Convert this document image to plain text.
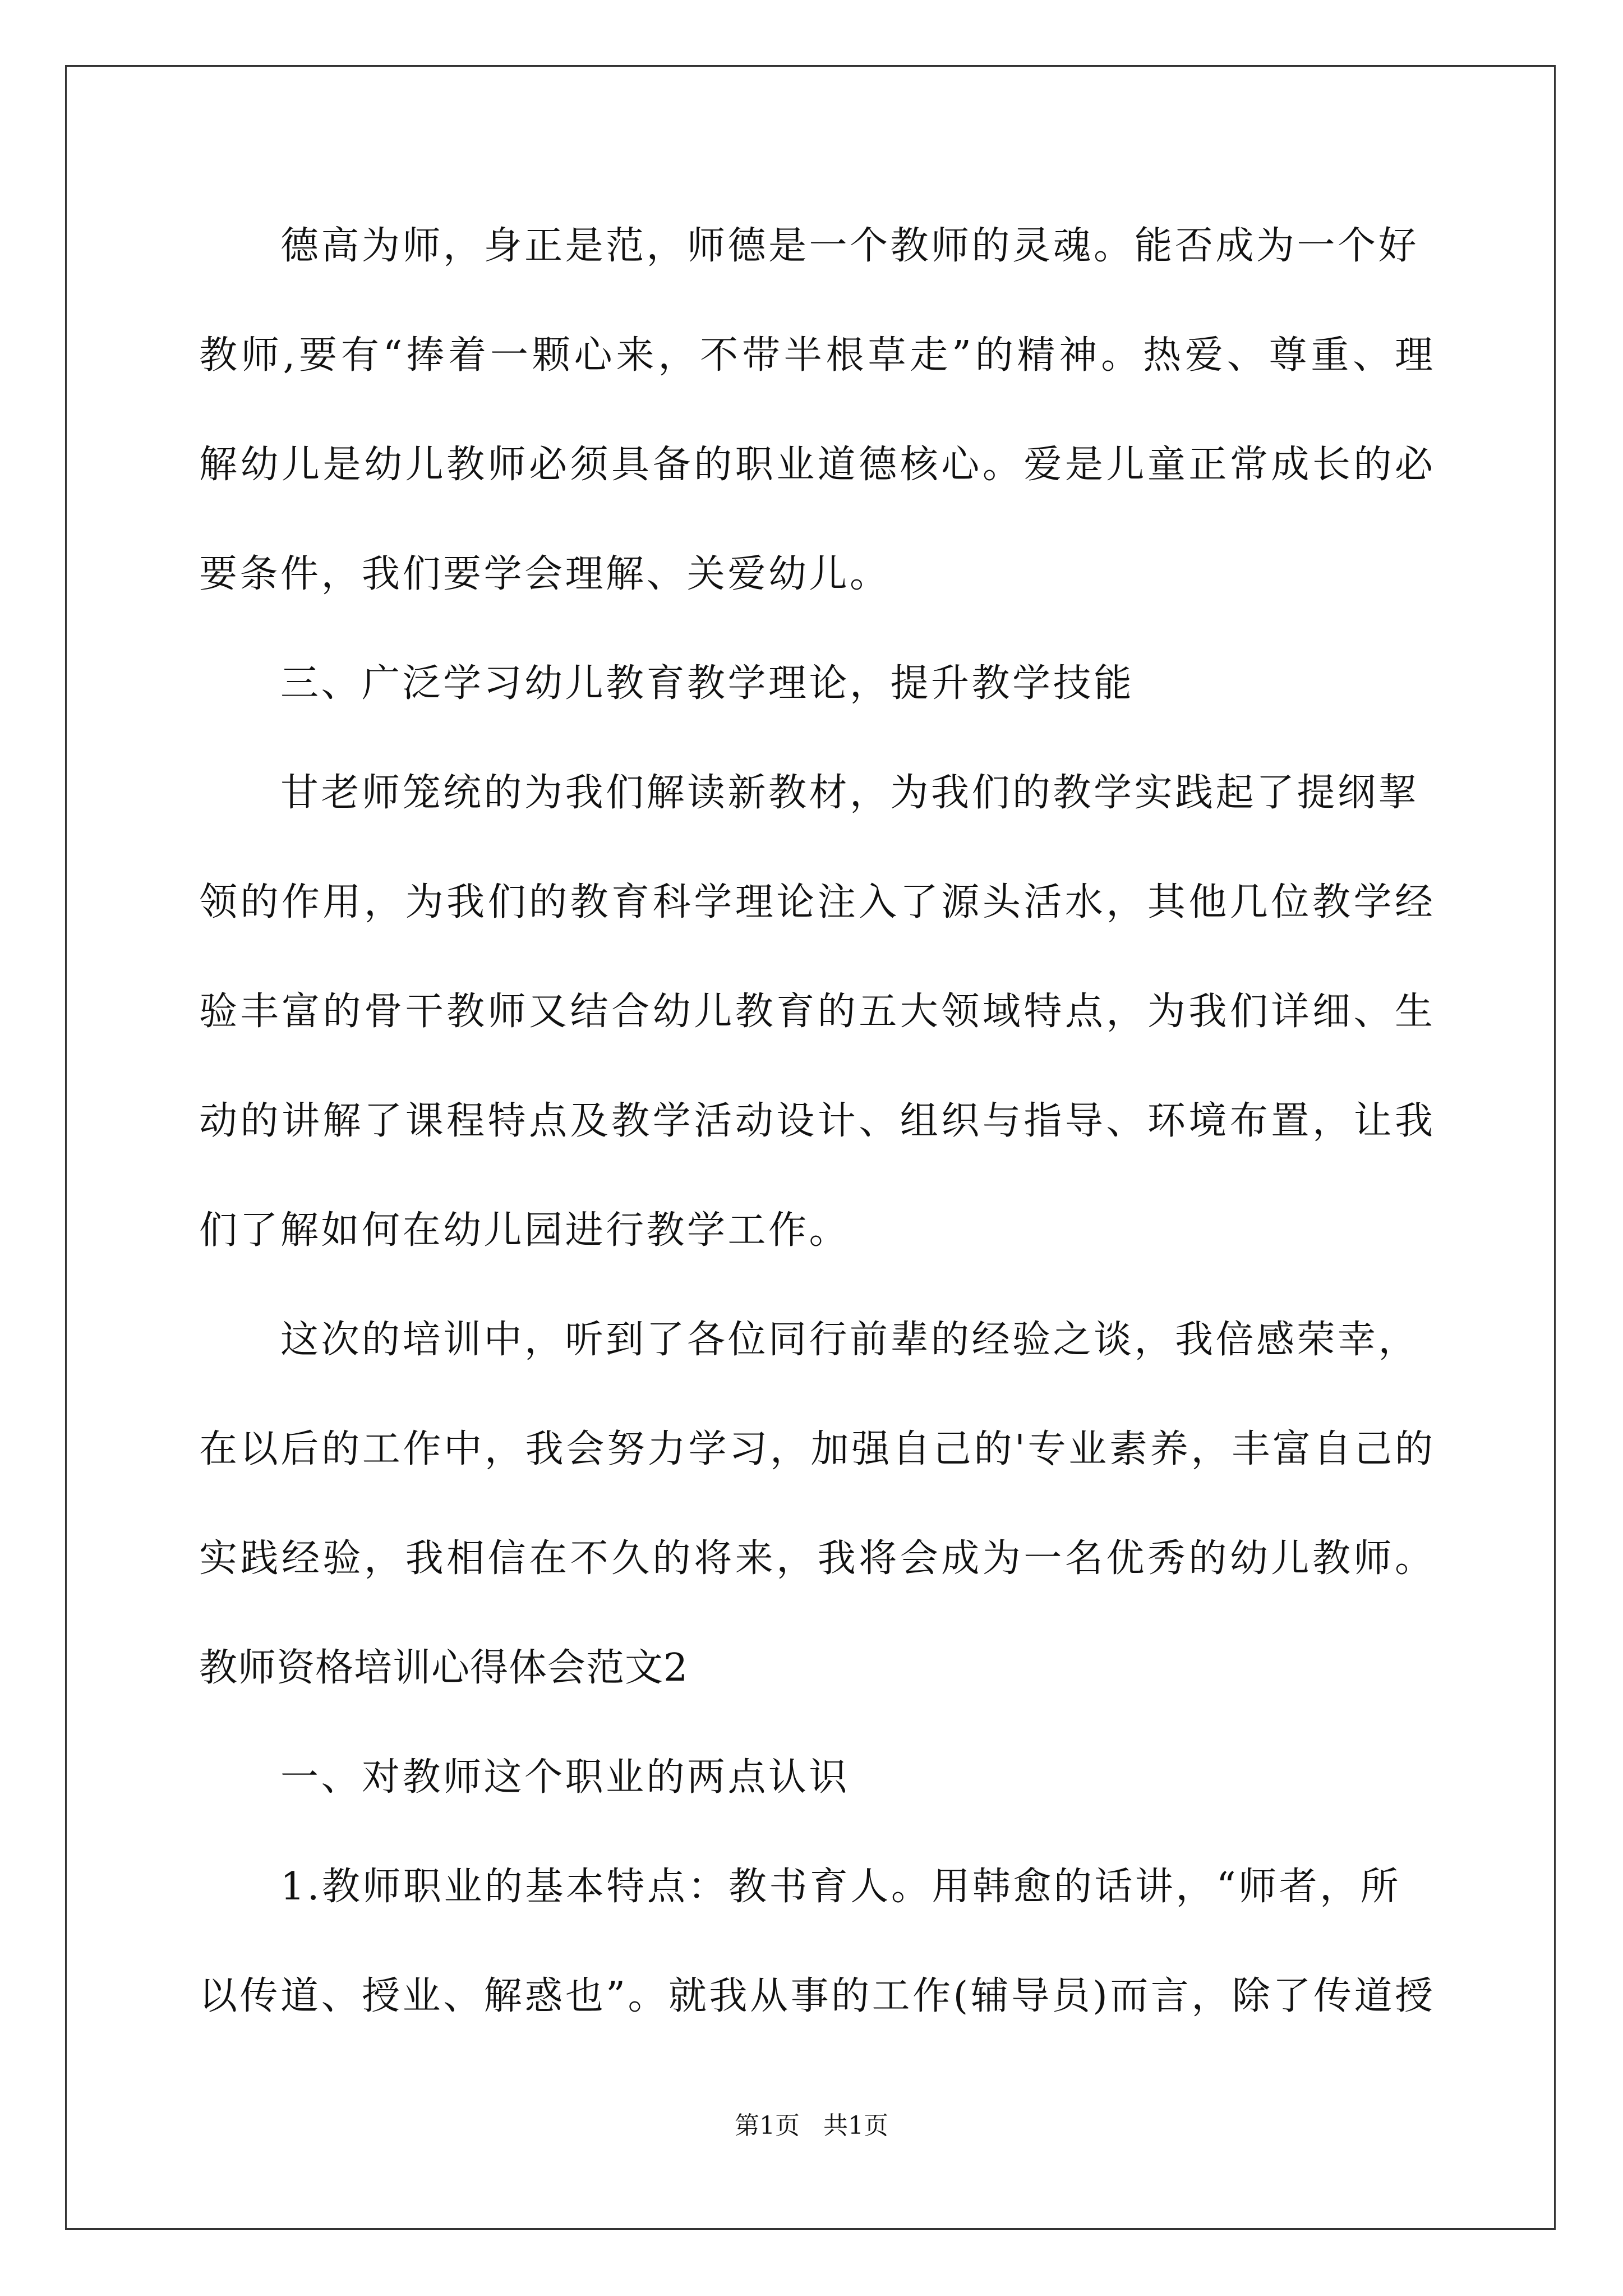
德高为师，身正是范，师德是一个教师的灵魂。能否成为一个好
教师,要有“捧着一颗心来，不带半根草走”的精神。热爱、尊重、理
解幼儿是幼儿教师必须具备的职业道德核心。爱是儿童正常成长的必
要条件，我们要学会理解、关爱幼儿。
三、广泛学习幼儿教育教学理论，提升教学技能
甘老师笼统的为我们解读新教材，为我们的教学实践起了提纲挈
领的作用，为我们的教育科学理论注入了源头活水，其他几位教学经
验丰富的骨干教师又结合幼儿教育的五大领域特点，为我们详细、生
动的讲解了课程特点及教学活动设计、组织与指导、环境布置，让我
们了解如何在幼儿园进行教学工作。
这次的培训中，听到了各位同行前辈的经验之谈，我倍感荣幸，
在以后的工作中，我会努力学习，加强自己的'专业素养，丰富自己的
实践经验，我相信在不久的将来，我将会成为一名优秀的幼儿教师。
教师资格培训心得体会范文2
一、对教师这个职业的两点认识
1.教师职业的基本特点：教书育人。用韩愈的话讲，“师者，所
以传道、授业、解惑也”。就我从事的工作(辅导员)而言，除了传道授
第1页 共1页
